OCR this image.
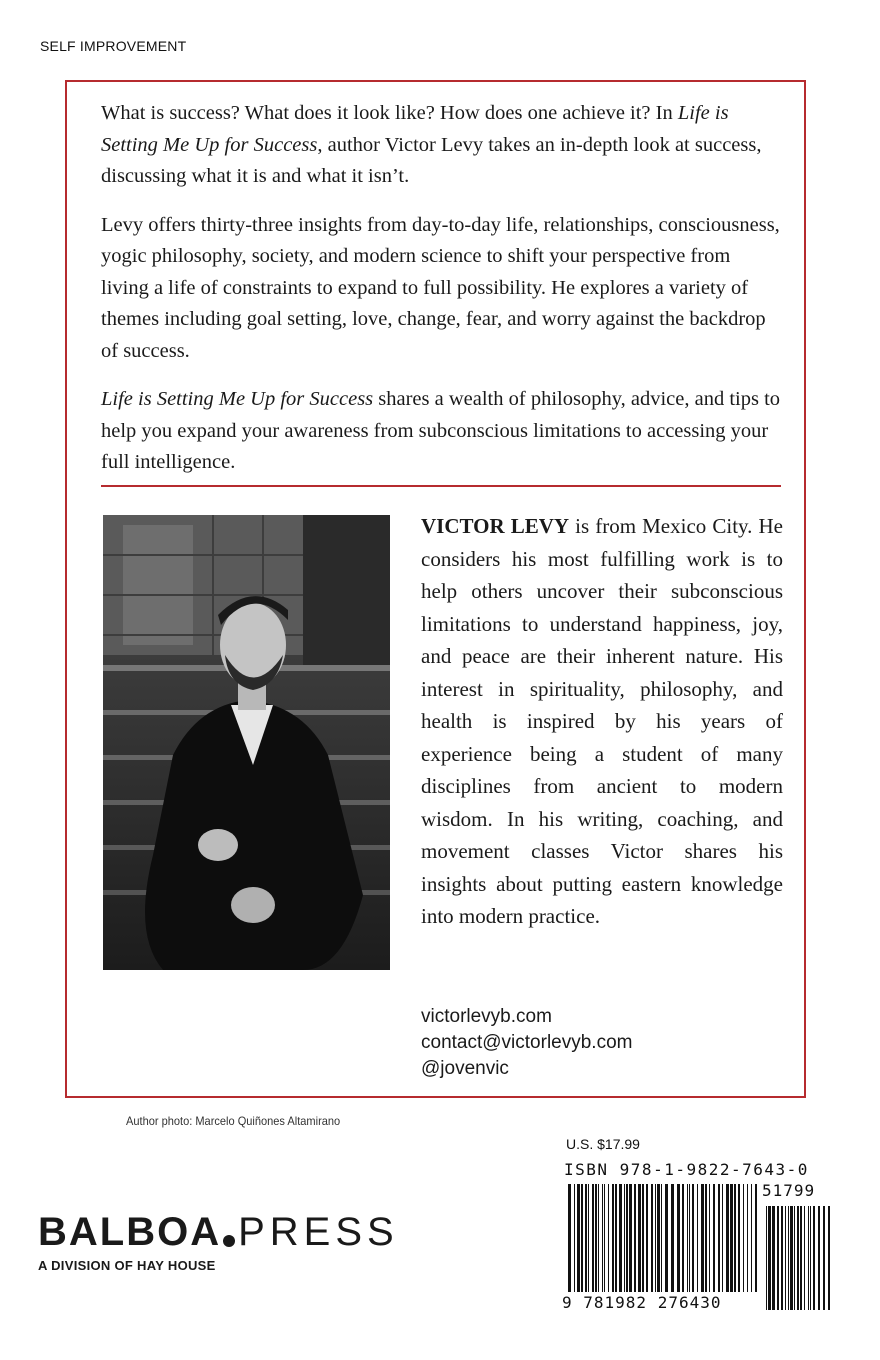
SELF IMPROVEMENT

What is success? What does it look like? How does one achieve it? In Life is Setting Me Up for Success, author Victor Levy takes an in-depth look at success, discussing what it is and what it isn’t.

Levy offers thirty-three insights from day-to-day life, relationships, consciousness, yogic philosophy, society, and modern science to shift your perspective from living a life of constraints to expand to full possibility. He explores a variety of themes including goal setting, love, change, fear, and worry against the backdrop of success.

Life is Setting Me Up for Success shares a wealth of philosophy, advice, and tips to help you expand your awareness from subconscious limitations to accessing your full intelligence.

VICTOR LEVY is from Mexico City. He considers his most fulfilling work is to help others uncover their subconscious limitations to understand happiness, joy, and peace are their inherent nature. His interest in spirituality, philosophy, and health is inspired by his years of experience being a student of many disciplines from ancient to modern wisdom. In his writing, coaching, and movement classes Victor shares his insights about putting eastern knowledge into modern practice.
victorlevyb.com
contact@victorlevyb.com
@jovenvic
Author photo: Marcelo Quiñones Altamirano
U.S. $17.99
ISBN 978-1-9822-7643-0
51799
9 781982 276430
BALBOA PRESS
A DIVISION OF HAY HOUSE
